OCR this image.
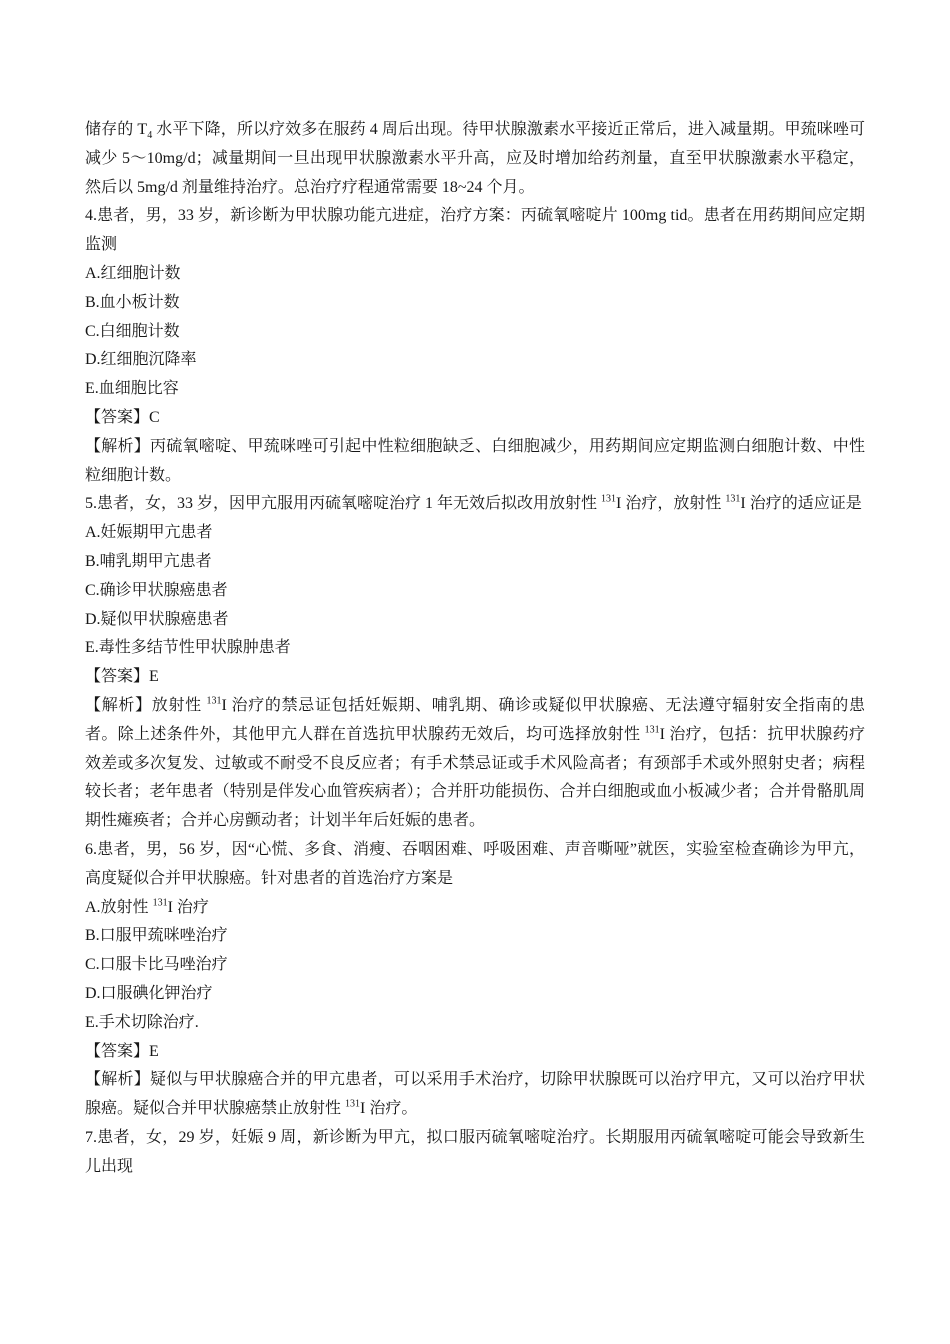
储存的 $T_4$ 水平下降，所以疗效多在服药 4 周后出现。待甲状腺激素水平接近正常后，进入减量期。甲巯咪唑可减少 5～10mg/d；减量期间一旦出现甲状腺激素水平升高，应及时增加给药剂量，直至甲状腺激素水平稳定，然后以 5mg/d 剂量维持治疗。总治疗疗程通常需要 18~24 个月。

4.患者，男，33 岁，新诊断为甲状腺功能亢进症，治疗方案：丙硫氧嘧啶片 100mg tid。患者在用药期间应定期监测

A.红细胞计数

B.血小板计数

C.白细胞计数

D.红细胞沉降率

E.血细胞比容

【答案】C

【解析】丙硫氧嘧啶、甲巯咪唑可引起中性粒细胞缺乏、白细胞减少，用药期间应定期监测白细胞计数、中性粒细胞计数。

5.患者，女，33 岁，因甲亢服用丙硫氧嘧啶治疗 1 年无效后拟改用放射性 $^{131}$I 治疗，放射性 $^{131}$I 治疗的适应证是

A.妊娠期甲亢患者

B.哺乳期甲亢患者

C.确诊甲状腺癌患者

D.疑似甲状腺癌患者

E.毒性多结节性甲状腺肿患者

【答案】E

【解析】放射性 $^{131}$I 治疗的禁忌证包括妊娠期、哺乳期、确诊或疑似甲状腺癌、无法遵守辐射安全指南的患者。除上述条件外，其他甲亢人群在首选抗甲状腺药无效后，均可选择放射性 $^{131}$I 治疗，包括：抗甲状腺药疗效差或多次复发、过敏或不耐受不良反应者；有手术禁忌证或手术风险高者；有颈部手术或外照射史者；病程较长者；老年患者（特别是伴发心血管疾病者）；合并肝功能损伤、合并白细胞或血小板减少者；合并骨骼肌周期性瘫痪者；合并心房颤动者；计划半年后妊娠的患者。

6.患者，男，56 岁，因“心慌、多食、消瘦、吞咽困难、呼吸困难、声音嘶哑”就医，实验室检查确诊为甲亢，高度疑似合并甲状腺癌。针对患者的首选治疗方案是

A.放射性 $^{131}$I 治疗

B.口服甲巯咪唑治疗

C.口服卡比马唑治疗

D.口服碘化钾治疗

E.手术切除治疗.

【答案】E

【解析】疑似与甲状腺癌合并的甲亢患者，可以采用手术治疗，切除甲状腺既可以治疗甲亢，又可以治疗甲状腺癌。疑似合并甲状腺癌禁止放射性 $^{131}$I 治疗。

7.患者，女，29 岁，妊娠 9 周，新诊断为甲亢，拟口服丙硫氧嘧啶治疗。长期服用丙硫氧嘧啶可能会导致新生儿出现
